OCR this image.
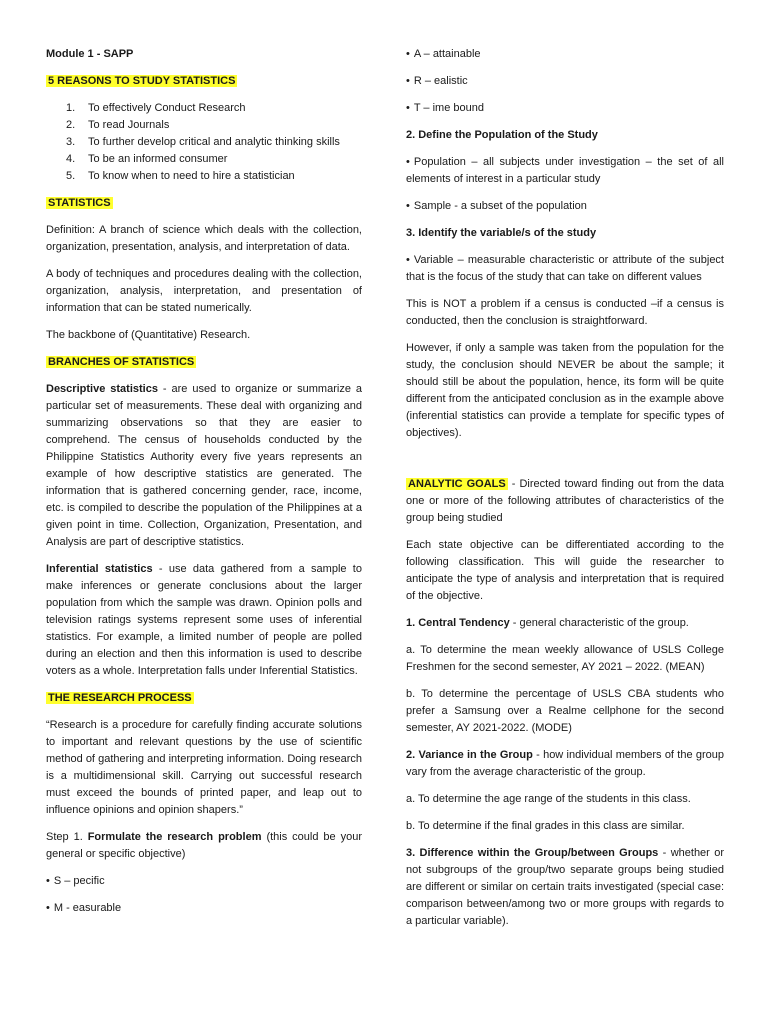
Module 1 - SAPP

5 REASONS TO STUDY STATISTICS

1.	To effectively Conduct Research
2.	To read Journals
3.	To further develop critical and analytic thinking skills
4.	To be an informed consumer
5.	To know when to need to hire a statistician

STATISTICS

Definition: A branch of science which deals with the collection, organization, presentation, analysis, and interpretation of data.

A body of techniques and procedures dealing with the collection, organization, analysis, interpretation, and presentation of information that can be stated numerically.

The backbone of (Quantitative) Research.

BRANCHES OF STATISTICS

Descriptive statistics - are used to organize or summarize a particular set of measurements. These deal with organizing and summarizing observations so that they are easier to comprehend. The census of households conducted by the Philippine Statistics Authority every five years represents an example of how descriptive statistics are generated. The information that is gathered concerning gender, race, income, etc. is compiled to describe the population of the Philippines at a given point in time. Collection, Organization, Presentation, and Analysis are part of descriptive statistics.

Inferential statistics - use data gathered from a sample to make inferences or generate conclusions about the larger population from which the sample was drawn. Opinion polls and television ratings systems represent some uses of inferential statistics. For example, a limited number of people are polled during an election and then this information is used to describe voters as a whole. Interpretation falls under Inferential Statistics.

THE RESEARCH PROCESS

“Research is a procedure for carefully finding accurate solutions to important and relevant questions by the use of scientific method of gathering and interpreting information. Doing research is a multidimensional skill. Carrying out successful research must exceed the bounds of printed paper, and leap out to influence opinions and opinion shapers.”

Step 1. Formulate the research problem (this could be your general or specific objective)

• S – pecific

• M - easurable

• A – attainable

• R – ealistic

• T – ime bound

2. Define the Population of the Study

• Population – all subjects under investigation – the set of all elements of interest in a particular study

• Sample - a subset of the population

3. Identify the variable/s of the study

• Variable – measurable characteristic or attribute of the subject that is the focus of the study that can take on different values

This is NOT a problem if a census is conducted –if a census is conducted, then the conclusion is straightforward.

However, if only a sample was taken from the population for the study, the conclusion should NEVER be about the sample; it should still be about the population, hence, its form will be quite different from the anticipated conclusion as in the example above (inferential statistics can provide a template for specific types of objectives).

ANALYTIC GOALS - Directed toward finding out from the data one or more of the following attributes of characteristics of the group being studied

Each state objective can be differentiated according to the following classification. This will guide the researcher to anticipate the type of analysis and interpretation that is required of the objective.

1. Central Tendency - general characteristic of the group.

a. To determine the mean weekly allowance of USLS College Freshmen for the second semester, AY 2021 – 2022. (MEAN)

b. To determine the percentage of USLS CBA students who prefer a Samsung over a Realme cellphone for the second semester, AY 2021-2022. (MODE)

2. Variance in the Group - how individual members of the group vary from the average characteristic of the group.

a. To determine the age range of the students in this class.

b. To determine if the final grades in this class are similar.

3. Difference within the Group/between Groups - whether or not subgroups of the group/two separate groups being studied are different or similar on certain traits investigated (special case: comparison between/among two or more groups with regards to a particular variable).
